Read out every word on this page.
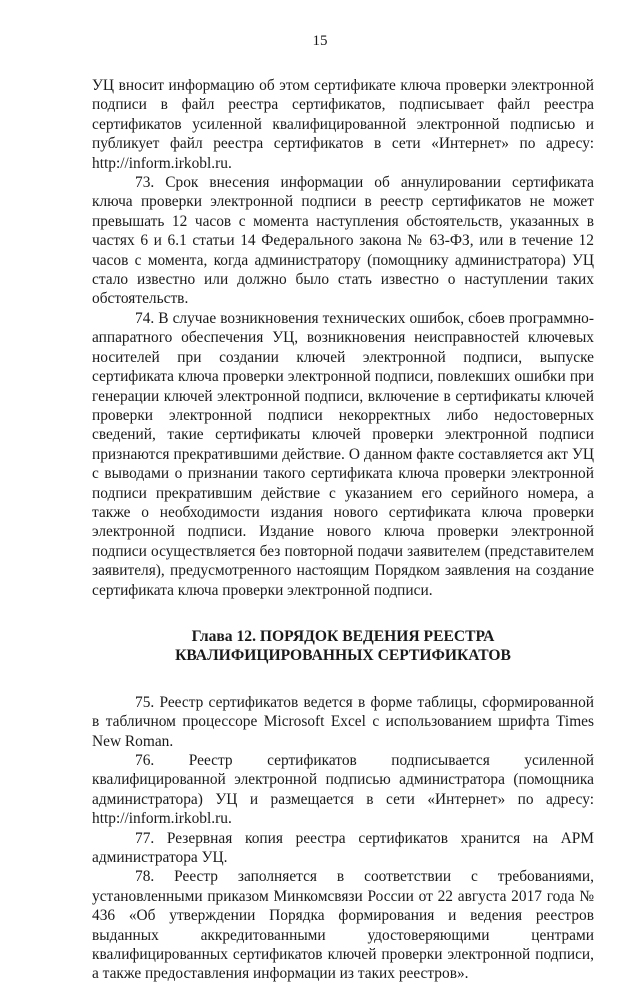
15

УЦ вносит информацию об этом сертификате ключа проверки электронной подписи в файл реестра сертификатов, подписывает файл реестра сертификатов усиленной квалифицированной электронной подписью и публикует файл реестра сертификатов в сети «Интернет» по адресу: http://inform.irkobl.ru.

73. Срок внесения информации об аннулировании сертификата ключа проверки электронной подписи в реестр сертификатов не может превышать 12 часов с момента наступления обстоятельств, указанных в частях 6 и 6.1 статьи 14 Федерального закона № 63-ФЗ, или в течение 12 часов с момента, когда администратору (помощнику администратора) УЦ стало известно или должно было стать известно о наступлении таких обстоятельств.

74. В случае возникновения технических ошибок, сбоев программно-аппаратного обеспечения УЦ, возникновения неисправностей ключевых носителей при создании ключей электронной подписи, выпуске сертификата ключа проверки электронной подписи, повлекших ошибки при генерации ключей электронной подписи, включение в сертификаты ключей проверки электронной подписи некорректных либо недостоверных сведений, такие сертификаты ключей проверки электронной подписи признаются прекратившими действие. О данном факте составляется акт УЦ с выводами о признании такого сертификата ключа проверки электронной подписи прекратившим действие с указанием его серийного номера, а также о необходимости издания нового сертификата ключа проверки электронной подписи. Издание нового ключа проверки электронной подписи осуществляется без повторной подачи заявителем (представителем заявителя), предусмотренного настоящим Порядком заявления на создание сертификата ключа проверки электронной подписи.

Глава 12. ПОРЯДОК ВЕДЕНИЯ РЕЕСТРА КВАЛИФИЦИРОВАННЫХ СЕРТИФИКАТОВ

75. Реестр сертификатов ведется в форме таблицы, сформированной в табличном процессоре Microsoft Excel с использованием шрифта Times New Roman.

76. Реестр сертификатов подписывается усиленной квалифицированной электронной подписью администратора (помощника администратора) УЦ и размещается в сети «Интернет» по адресу: http://inform.irkobl.ru.

77. Резервная копия реестра сертификатов хранится на АРМ администратора УЦ.

78. Реестр заполняется в соответствии с требованиями, установленными приказом Минкомсвязи России от 22 августа 2017 года № 436 «Об утверждении Порядка формирования и ведения реестров выданных аккредитованными удостоверяющими центрами квалифицированных сертификатов ключей проверки электронной подписи, а также предоставления информации из таких реестров».
